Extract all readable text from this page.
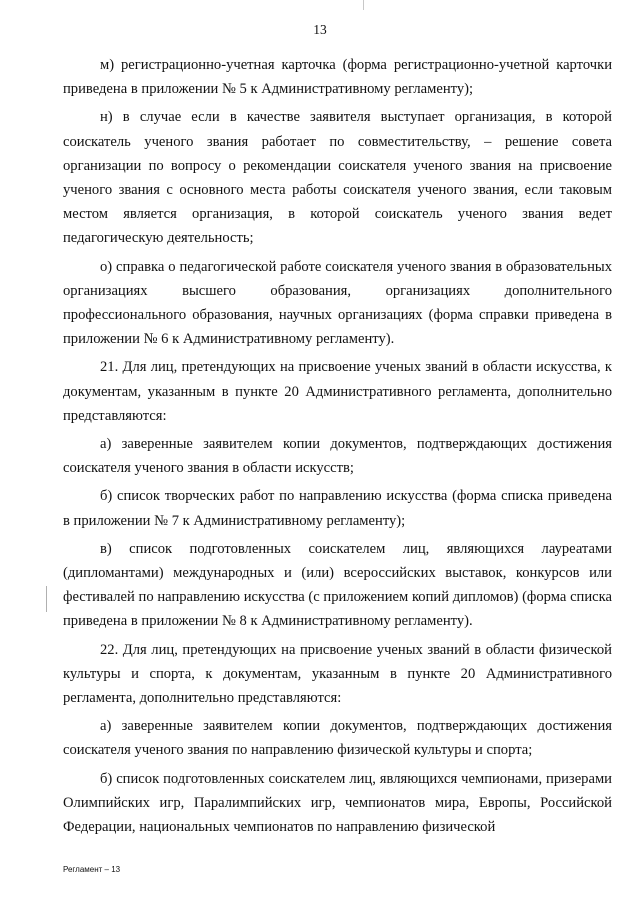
13

м) регистрационно-учетная карточка (форма регистрационно-учетной карточки приведена в приложении № 5 к Административному регламенту);

н) в случае если в качестве заявителя выступает организация, в которой соискатель ученого звания работает по совместительству, – решение совета организации по вопросу о рекомендации соискателя ученого звания на присвоение ученого звания с основного места работы соискателя ученого звания, если таковым местом является организация, в которой соискатель ученого звания ведет педагогическую деятельность;

о) справка о педагогической работе соискателя ученого звания в образовательных организациях высшего образования, организациях дополнительного профессионального образования, научных организациях (форма справки приведена в приложении № 6 к Административному регламенту).

21. Для лиц, претендующих на присвоение ученых званий в области искусства, к документам, указанным в пункте 20 Административного регламента, дополнительно представляются:

а) заверенные заявителем копии документов, подтверждающих достижения соискателя ученого звания в области искусств;

б) список творческих работ по направлению искусства (форма списка приведена в приложении № 7 к Административному регламенту);

в) список подготовленных соискателем лиц, являющихся лауреатами (дипломантами) международных и (или) всероссийских выставок, конкурсов или фестивалей по направлению искусства (с приложением копий дипломов) (форма списка приведена в приложении № 8 к Административному регламенту).

22. Для лиц, претендующих на присвоение ученых званий в области физической культуры и спорта, к документам, указанным в пункте 20 Административного регламента, дополнительно представляются:

а) заверенные заявителем копии документов, подтверждающих достижения соискателя ученого звания по направлению физической культуры и спорта;

б) список подготовленных соискателем лиц, являющихся чемпионами, призерами Олимпийских игр, Паралимпийских игр, чемпионатов мира, Европы, Российской Федерации, национальных чемпионатов по направлению физической

Регламент – 13
